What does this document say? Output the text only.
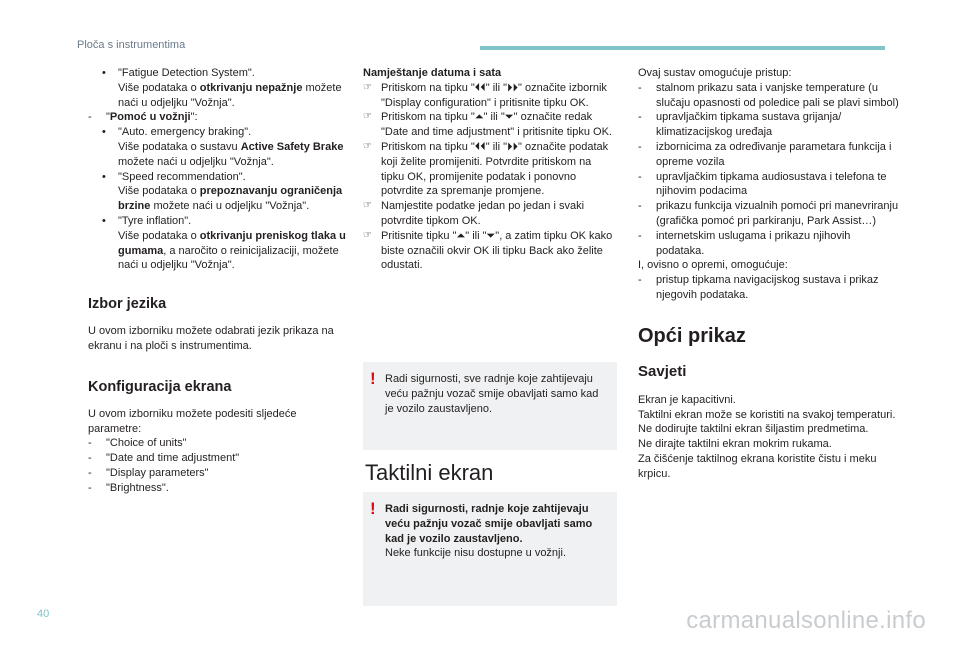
Ploča s instrumentima
• "Fatigue Detection System".
Više podataka o otkrivanju nepažnje možete naći u odjeljku "Vožnja".
- "Pomoć u vožnji":
• "Auto. emergency braking".
Više podataka o sustavu Active Safety Brake možete naći u odjeljku "Vožnja".
• "Speed recommendation".
Više podataka o prepoznavanju ograničenja brzine možete naći u odjeljku "Vožnja".
• "Tyre inflation".
Više podataka o otkrivanju preniskog tlaka u gumama, a naročito o reinicijalizaciji, možete naći u odjeljku "Vožnja".
Izbor jezika

U ovom izborniku možete odabrati jezik prikaza na ekranu i na ploči s instrumentima.

Konfiguracija ekrana

U ovom izborniku možete podesiti sljedeće parametre:

- "Choice of units"
- "Date and time adjustment"
- "Display parameters"
- "Brightness".

Namještanje datuma i sata

☞ Pritiskom na tipku "⏴⏴" ili "⏵⏵" označite izbornik "Display configuration" i pritisnite tipku OK.
☞ Pritiskom na tipku "⏶" ili "⏷" označite redak "Date and time adjustment" i pritisnite tipku OK.
☞ Pritiskom na tipku "⏴⏴" ili "⏵⏵" označite podatak koji želite promijeniti. Potvrdite pritiskom na tipku OK, promijenite podatak i ponovno potvrdite za spremanje promjene.
☞ Namjestite podatke jedan po jedan i svaki potvrdite tipkom OK.
☞ Pritisnite tipku "⏶" ili "⏷", a zatim tipku OK kako biste označili okvir OK ili tipku Back ako želite odustati.
! Radi sigurnosti, sve radnje koje zahtijevaju veću pažnju vozač smije obavljati samo kad je vozilo zaustavljeno.

Taktilni ekran
! Radi sigurnosti, radnje koje zahtijevaju veću pažnju vozač smije obavljati samo kad je vozilo zaustavljeno.

Neke funkcije nisu dostupne u vožnji.

Ovaj sustav omogućuje pristup:

- stalnom prikazu sata i vanjske temperature (u slučaju opasnosti od poledice pali se plavi simbol)
- upravljačkim tipkama sustava grijanja/ klimatizacijskog uređaja
- izbornicima za određivanje parametara funkcija i opreme vozila
- upravljačkim tipkama audiosustava i telefona te njihovim podacima
- prikazu funkcija vizualnih pomoći pri manevriranju (grafička pomoć pri parkiranju, Park Assist…)
- internetskim uslugama i prikazu njihovih podataka.

I, ovisno o opremi, omogućuje:

- pristup tipkama navigacijskog sustava i prikaz njegovih podataka.
Opći prikaz
Savjeti

Ekran je kapacitivni.

Taktilni ekran može se koristiti na svakoj temperaturi.

Ne dodirujte taktilni ekran šiljastim predmetima.

Ne dirajte taktilni ekran mokrim rukama.

Za čišćenje taktilnog ekrana koristite čistu i meku krpicu.

40	carmanualsonline.info
